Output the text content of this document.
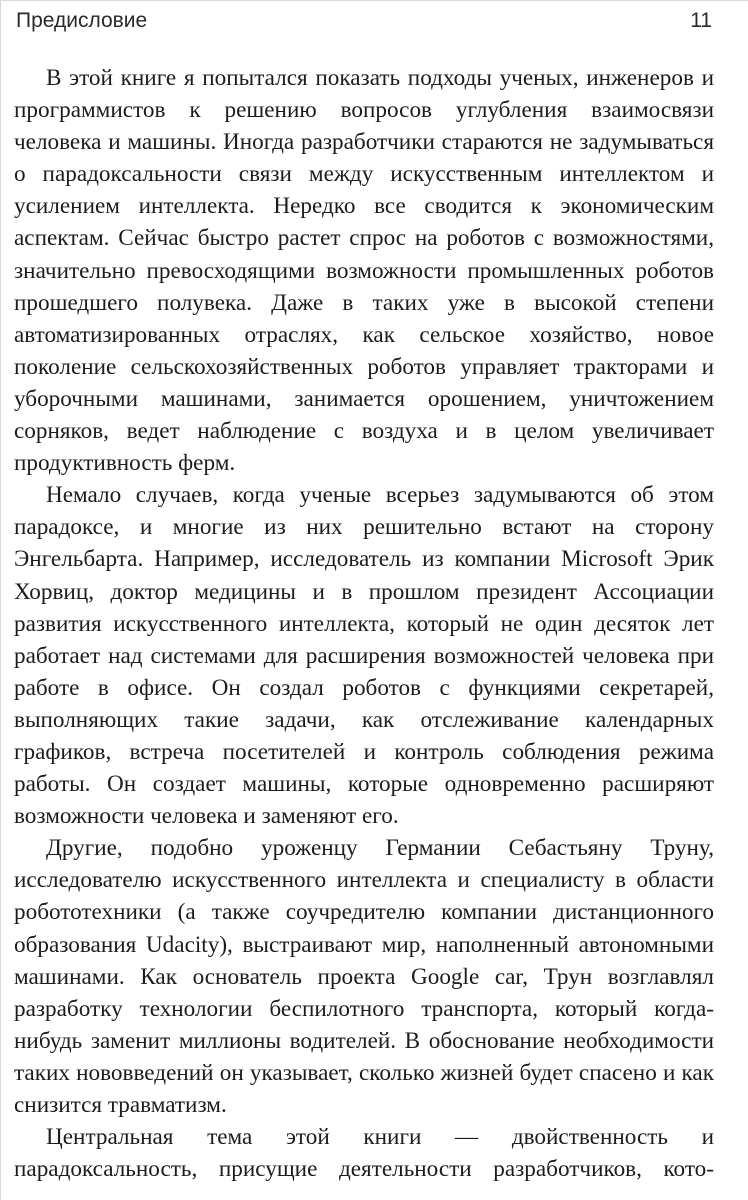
Предисловие	11

В этой книге я попытался показать подходы ученых, инженеров и программистов к решению вопросов углубления взаимосвязи человека и машины. Иногда разработчики стараются не задумываться о парадоксальности связи между искусственным интеллектом и усилением интеллекта. Нередко все сводится к экономическим аспектам. Сейчас быстро растет спрос на роботов с возможностями, значительно превосходящими возможности промышленных роботов прошедшего полувека. Даже в таких уже в высокой степени автоматизированных отраслях, как сельское хозяйство, новое поколение сельскохозяйственных роботов управляет тракторами и уборочными машинами, занимается орошением, уничтожением сорняков, ведет наблюдение с воздуха и в целом увеличивает продуктивность ферм.

Немало случаев, когда ученые всерьез задумываются об этом парадоксе, и многие из них решительно встают на сторону Энгельбарта. Например, исследователь из компании Microsoft Эрик Хорвиц, доктор медицины и в прошлом президент Ассоциации развития искусственного интеллекта, который не один десяток лет работает над системами для расширения возможностей человека при работе в офисе. Он создал роботов с функциями секретарей, выполняющих такие задачи, как отслеживание календарных графиков, встреча посетителей и контроль соблюдения режима работы. Он создает машины, которые одновременно расширяют возможности человека и заменяют его.

Другие, подобно уроженцу Германии Себастьяну Труну, исследователю искусственного интеллекта и специалисту в области робототехники (а также соучредителю компании дистанционного образования Udacity), выстраивают мир, наполненный автономными машинами. Как основатель проекта Google car, Трун возглавлял разработку технологии беспилотного транспорта, который когда-нибудь заменит миллионы водителей. В обоснование необходимости таких нововведений он указывает, сколько жизней будет спасено и как снизится травматизм.

Центральная тема этой книги — двойственность и парадоксальность, присущие деятельности разработчиков, кото-
